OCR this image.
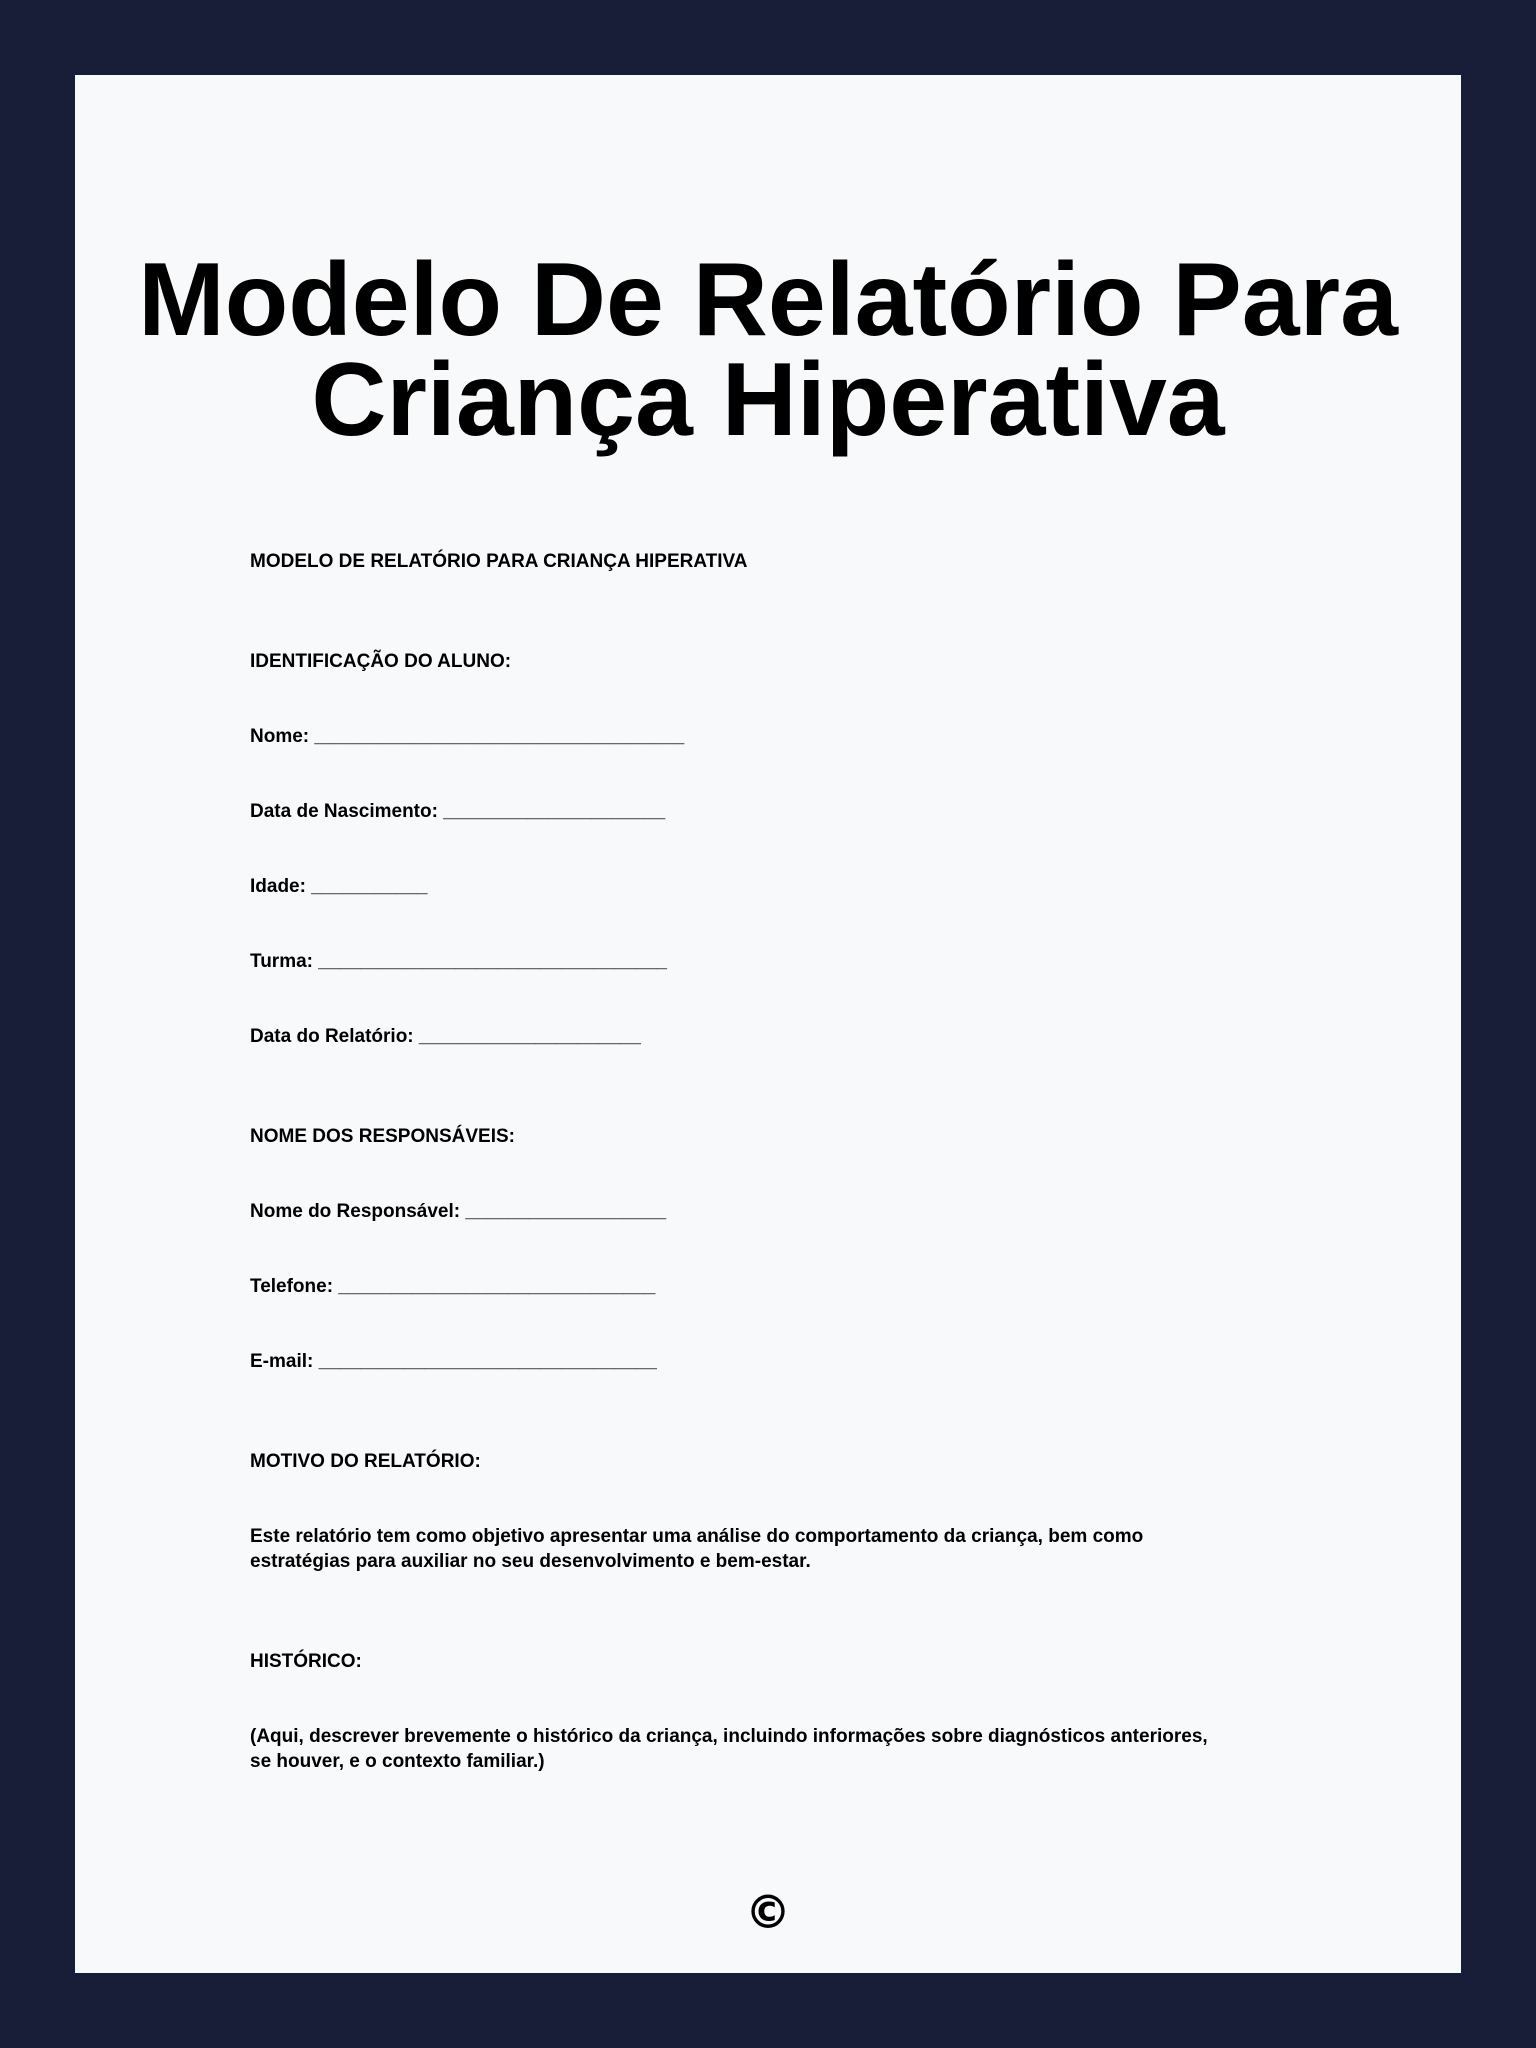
Modelo De Relatório Para
Criança Hiperativa

MODELO DE RELATÓRIO PARA CRIANÇA HIPERATIVA

IDENTIFICAÇÃO DO ALUNO:

Nome: ___________________________________

Data de Nascimento: _____________________

Idade: ___________

Turma: _________________________________

Data do Relatório: _____________________

NOME DOS RESPONSÁVEIS:

Nome do Responsável: ___________________

Telefone: ______________________________

E-mail: ________________________________

MOTIVO DO RELATÓRIO:

Este relatório tem como objetivo apresentar uma análise do comportamento da criança, bem como

estratégias para auxiliar no seu desenvolvimento e bem-estar.

HISTÓRICO:

(Aqui, descrever brevemente o histórico da criança, incluindo informações sobre diagnósticos anteriores,

se houver, e o contexto familiar.)

©
